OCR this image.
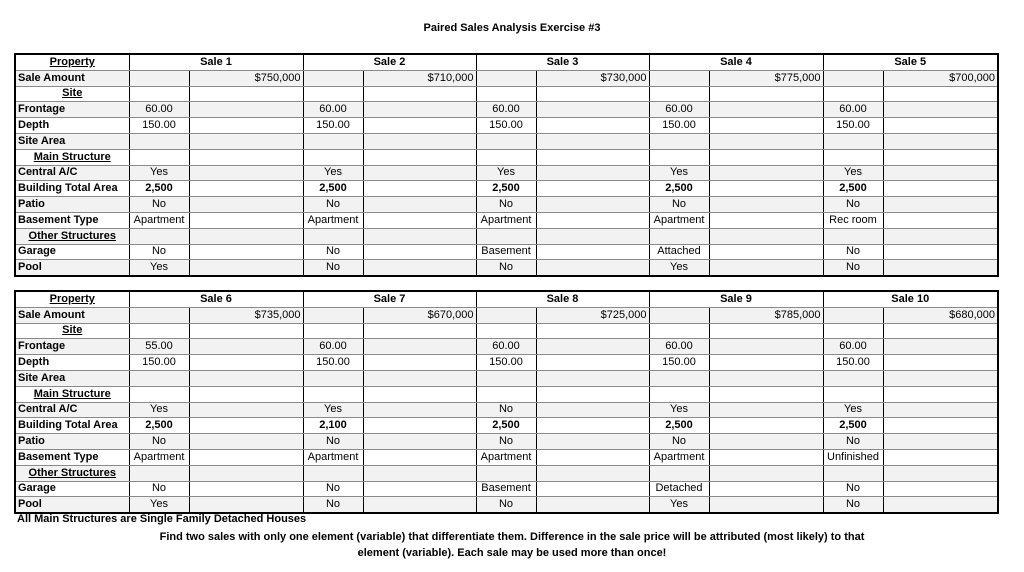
Paired Sales Analysis Exercise #3
Property	Sale 1		Sale 2		Sale 3		Sale 4		Sale 5	
Sale Amount		$750,000		$710,000		$730,000		$775,000		$700,000
Site										
Frontage	60.00		60.00		60.00		60.00		60.00	
Depth	150.00		150.00		150.00		150.00		150.00	
Site Area										
Main Structure										
Central A/C	Yes		Yes		Yes		Yes		Yes	
Building Total Area	2,500		2,500		2,500		2,500		2,500	
Patio	No		No		No		No		No	
Basement Type	Apartment		Apartment		Apartment		Apartment		Rec room	
Other Structures										
Garage	No		No		Basement		Attached		No	
Pool	Yes		No		No		Yes		No	
Property	Sale 6		Sale 7		Sale 8		Sale 9		Sale 10	
Sale Amount		$735,000		$670,000		$725,000		$785,000		$680,000
Site										
Frontage	55.00		60.00		60.00		60.00		60.00	
Depth	150.00		150.00		150.00		150.00		150.00	
Site Area										
Main Structure										
Central A/C	Yes		Yes		No		Yes		Yes	
Building Total Area	2,500		2,100		2,500		2,500		2,500	
Patio	No		No		No		No		No	
Basement Type	Apartment		Apartment		Apartment		Apartment		Unfinished	
Other Structures										
Garage	No		No		Basement		Detached		No	
Pool	Yes		No		No		Yes		No	
All Main Structures are Single Family Detached Houses
Find two sales with only one element (variable) that differentiate them. Difference in the sale price will be attributed (most likely) to that
element (variable). Each sale may be used more than once!
